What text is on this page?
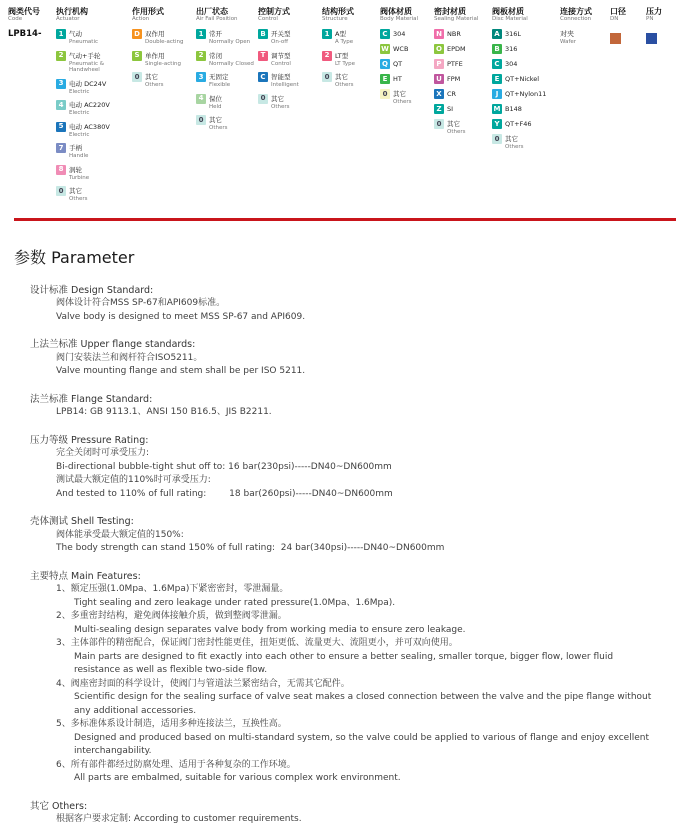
阀类代号
Code
LPB14-
执行机构
Actuator
1 气动
Pneumatic
2 气动+手轮
Pneumatic & Handwheel
3 电动 DC24V
Electric
4 电动 AC220V
Electric
5 电动 AC380V
Electric
7 手柄
Handle
8 涡轮
Turbine
0 其它
Others
作用形式
Action
D 双作用
Double-acting
S 单作用
Single-acting
0 其它
Others
出厂状态
Air Fail Position
1 常开
Normally Open
2 常闭
Normally Closed
3 无固定
Flexible
4 保位
Held
0 其它
Others
控制方式
Control
B 开关型
On-off
T 调节型
Control
C 智能型
Intelligent
0 其它
Others
结构形式
Structure
1 A型
A Type
2 LT型
LT Type
0 其它
Others
阀体材质
Body Material
C 304
W WCB
Q QT
E HT
0 其它
Others
密封材质
Sealing Material
N NBR
O EPDM
P PTFE
U FPM
X CR
Z SI
0 其它
Others
阀板材质
Disc Material
A 316L
B 316
C 304
E QT+Nickel
J	QT+Nylon11
M B148
Y QT+F46
0 其它
Others
连接方式
Connection
对夹
Wafer
口径
DN
压力
PN
参数 Parameter
设计标准 Design Standard:
阀体设计符合MSS SP-67和API609标准。
Valve body is designed to meet MSS SP-67 and API609.
上法兰标准 Upper flange standards:
阀门安装法兰和阀杆符合ISO5211。
Valve mounting flange and stem shall be per ISO 5211.
法兰标准 Flange Standard:
LPB14: GB 9113.1、ANSI 150 B16.5、JIS B2211.
压力等级 Pressure Rating:
完全关闭时可承受压力:
Bi-directional bubble-tight shut off to: 16 bar(230psi)-----DN40~DN600mm
测试最大额定值的110%时可承受压力:
And tested to 110% of full rating:        18 bar(260psi)-----DN40~DN600mm
壳体测试 Shell Testing:
阀体能承受最大额定值的150%:
The body strength can stand 150% of full rating:  24 bar(340psi)-----DN40~DN600mm
主要特点 Main Features:
1、额定压强(1.0Mpa、1.6Mpa)下紧密密封，零泄漏量。
Tight sealing and zero leakage under rated pressure(1.0Mpa、1.6Mpa).
2、多重密封结构，避免阀体接触介质，做到整阀零泄漏。
Multi-sealing design separates valve body from working media to ensure zero leakage.
3、主体部件的精密配合，保证阀门密封性能更佳，扭矩更低、流量更大、流阻更小，并可双向使用。
Main parts are designed to fit exactly into each other to ensure a better sealing, smaller torque, bigger flow, lower fluid resistance as well as flexible two-side flow.
4、阀座密封面的科学设计，使阀门与管道法兰紧密结合，无需其它配件。
Scientific design for the sealing surface of valve seat makes a closed connection between the valve and the pipe flange without any additional accessories.
5、多标准体系设计制造，适用多种连接法兰，互换性高。
Designed and produced based on multi-standard system, so the valve could be applied to various of flange and enjoy excellent interchangability.
6、所有部件都经过防腐处理、适用于各种复杂的工作环境。
All parts are embalmed, suitable for various complex work environment.
其它 Others:
根据客户要求定制: According to customer requirements.
